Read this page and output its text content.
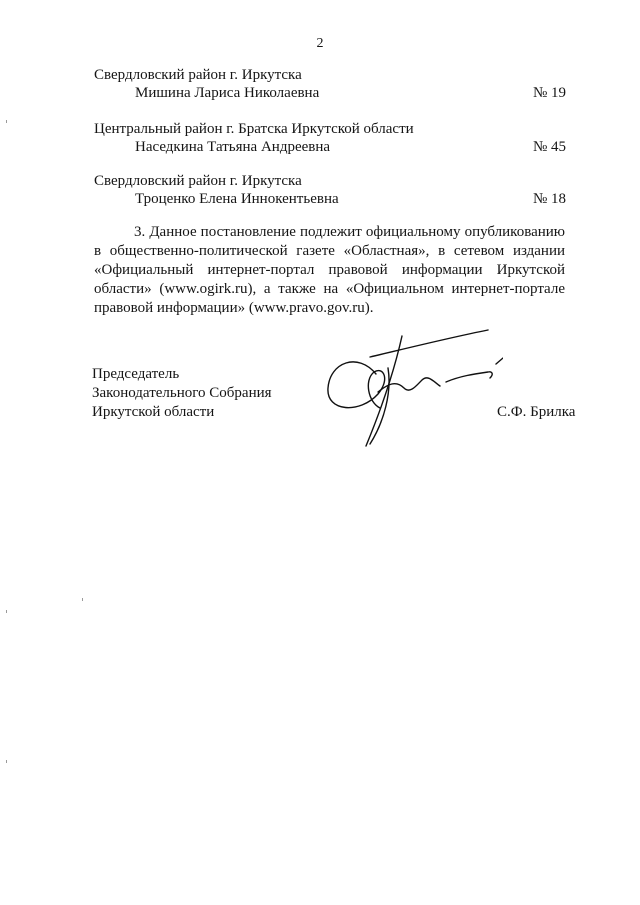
2
Свердловский район г. Иркутска
Мишина Лариса Николаевна	№ 19
Центральный район г. Братска Иркутской области
Наседкина Татьяна Андреевна	№ 45
Свердловский район г. Иркутска
Троценко Елена Иннокентьевна	№ 18
3. Данное постановление подлежит официальному опубликованию в общественно-политической газете «Областная», в сетевом издании «Официальный интернет-портал правовой информации Иркутской области» (www.ogirk.ru), а также на «Официальном интернет-портале правовой информации» (www.pravo.gov.ru).
Председатель
Законодательного Собрания
Иркутской области	С.Ф. Брилка
